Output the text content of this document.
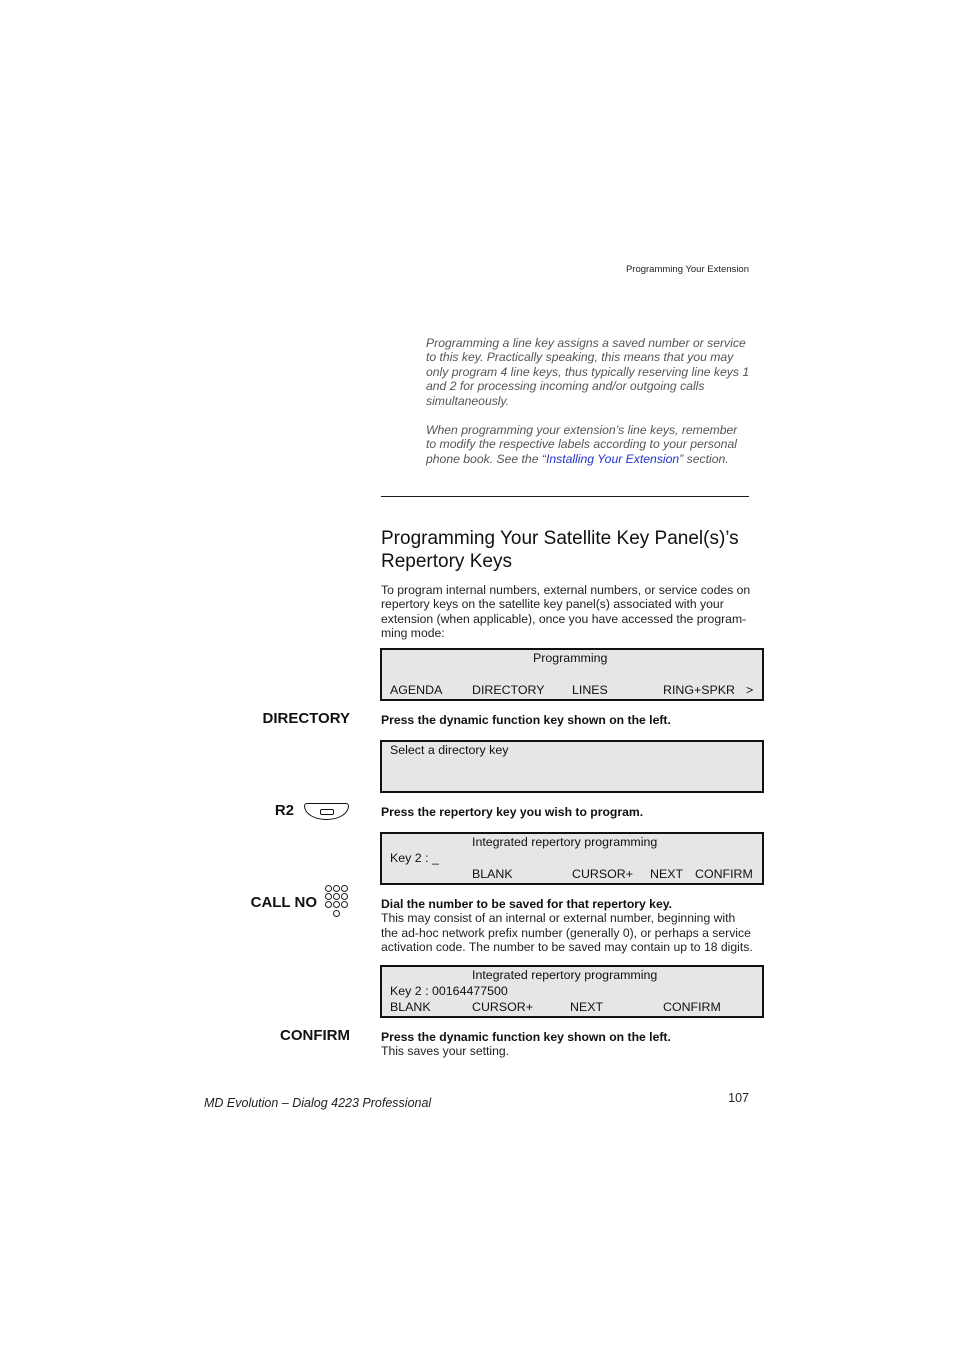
Programming Your Extension

Programming a line key assigns a saved number or service to this key. Practically speaking, this means that you may only program 4 line keys, thus typically reserving line keys 1 and 2 for processing incoming and/or outgoing calls simultaneously.

When programming your extension’s line keys, remember to modify the respective labels according to your personal phone book. See the “Installing Your Extension” section.

Programming Your Satellite Key Panel(s)’s Repertory Keys
To program internal numbers, external numbers, or service codes on repertory keys on the satellite key panel(s) associated with your extension (when applicable), once you have accessed the program-ming mode:
Programming
AGENDA DIRECTORY LINES	RING+SPKR >
DIRECTORY	Press the dynamic function key shown on the left.
Select a directory key
R2	Press the repertory key you wish to program.
Integrated repertory programming
Key 2 : _
BLANK	CURSOR+ NEXT CONFIRM
CALL NO	Dial the number to be saved for that repertory key.
This may consist of an internal or external number, beginning with the ad-hoc network prefix number (generally 0), or perhaps a service activation code. The number to be saved may contain up to 18 digits.
Integrated repertory programming
Key 2 : 00164477500
BLANK	CURSOR+	NEXT	CONFIRM
CONFIRM	Press the dynamic function key shown on the left.
This saves your setting.
MD Evolution – Dialog 4223 Professional	107
